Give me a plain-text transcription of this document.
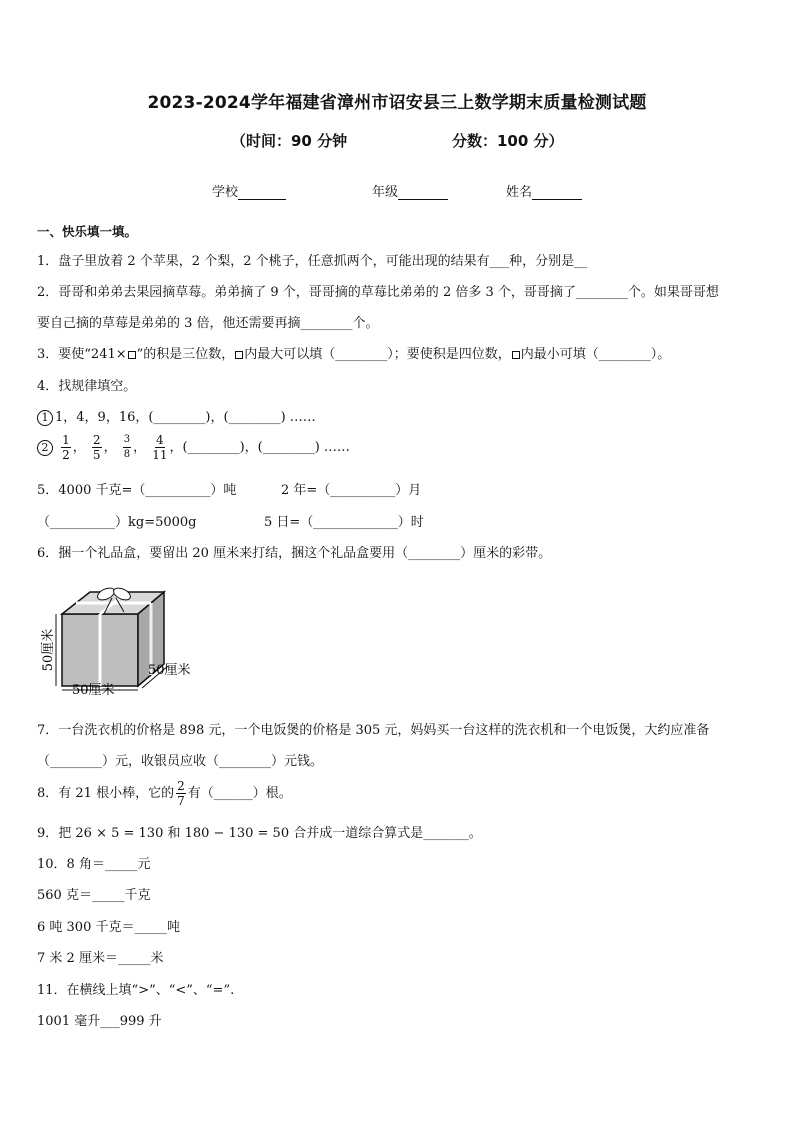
2023-2024学年福建省漳州市诏安县三上数学期末质量检测试题
（时间：90 分钟	分数：100 分）
学校	年级	姓名
一、快乐填一填。
1．盘子里放着 2 个苹果，2 个梨，2 个桃子，任意抓两个，可能出现的结果有___种，分别是__
2．哥哥和弟弟去果园摘草莓。弟弟摘了 9 个，哥哥摘的草莓比弟弟的 2 倍多 3 个，哥哥摘了________个。如果哥哥想
要自己摘的草莓是弟弟的 3 倍，他还需要再摘________个。
3．要使“241× ”的积是三位数， 内最大可以填（________）；要使积是四位数， 内最小可填（________）。
4．找规律填空。
1 1，4，9，16，(________)，(________) ……
$2 \frac{1}{2}$ ， $\frac{2}{5}$ ， $\frac{3}{8}$ ， $\frac{4}{11}$ ，(________)，(________) ……
5．4000 千克=（__________）吨	2 年=（__________）月
（__________）kg=5000g	5 日=（_____________）时
6．捆一个礼品盒，要留出 20 厘米来打结，捆这个礼品盒要用（________）厘米的彩带。
50厘米
50厘米
50厘米
7．一台洗衣机的价格是 898 元，一个电饭煲的价格是 305 元，妈妈买一台这样的洗衣机和一个电饭煲，大约应准备
（________）元，收银员应收（________）元钱。
8．有 21 根小棒，它的 $\frac{2}{7}$ 有（______）根。
9．把 26 × 5 = 130 和 180 − 130 = 50 合并成一道综合算式是_______。
10．8 角＝_____元
560 克＝_____千克
6 吨 300 千克＝_____吨
7 米 2 厘米＝_____米
11．在横线上填“>”、“<”、“=”.
1001 毫升___999 升
